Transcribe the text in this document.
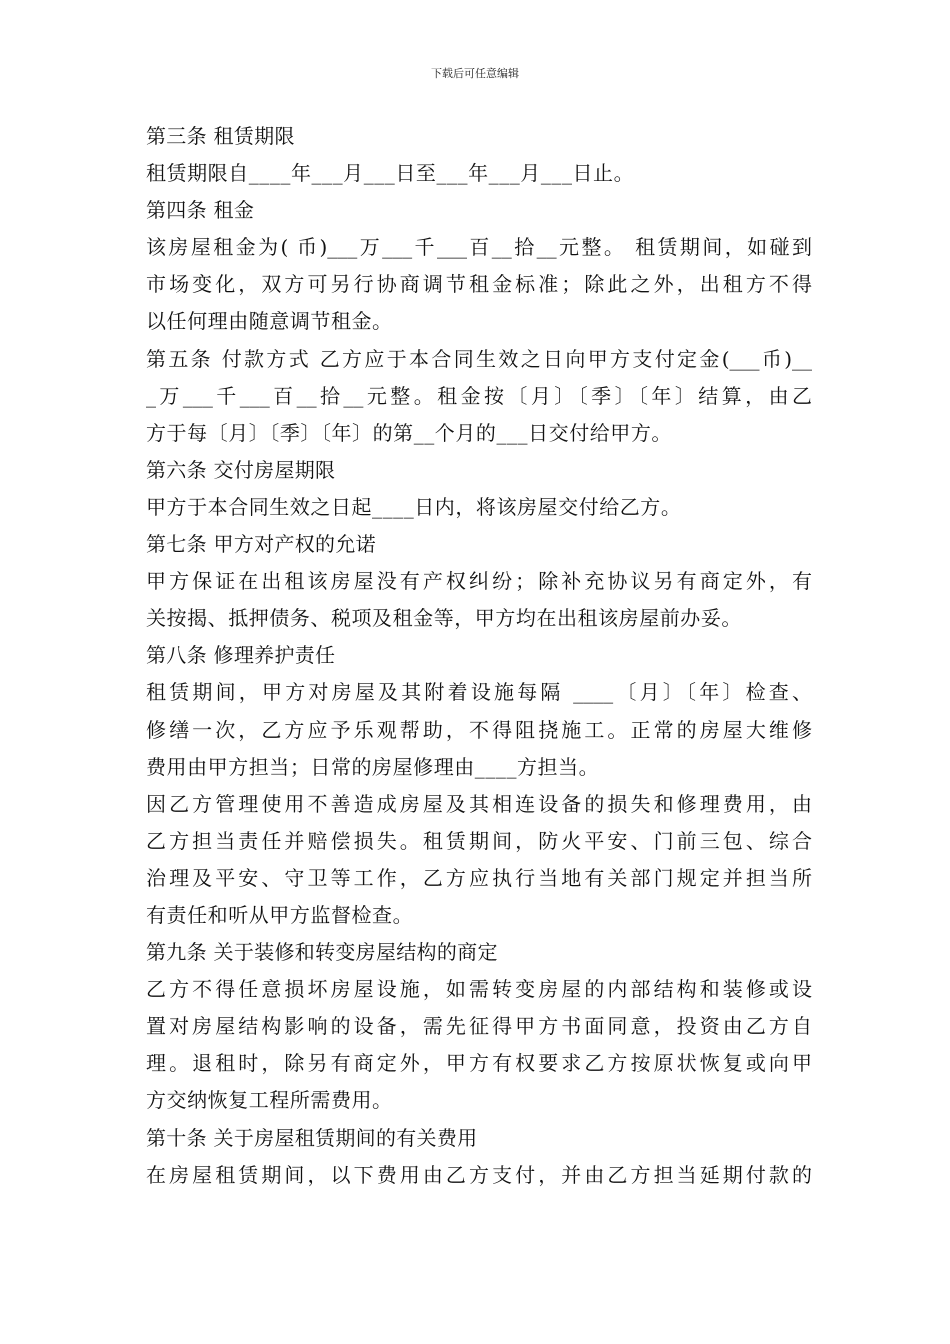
下载后可任意编辑
第三条 租赁期限
租赁期限自____年___月___日至___年___月___日止。
第四条 租金
该房屋租金为( 币)___万___千___百__拾__元整。 租赁期间，如碰到
市场变化，双方可另行协商调节租金标准；除此之外，出租方不得
以任何理由随意调节租金。
第五条 付款方式 乙方应于本合同生效之日向甲方支付定金(___币)__
_万___千___百__拾__元整。租金按〔月〕〔季〕〔年〕结算，由乙
方于每〔月〕〔季〕〔年〕的第__个月的___日交付给甲方。
第六条 交付房屋期限
甲方于本合同生效之日起____日内，将该房屋交付给乙方。
第七条 甲方对产权的允诺
甲方保证在出租该房屋没有产权纠纷；除补充协议另有商定外，有
关按揭、抵押债务、税项及租金等，甲方均在出租该房屋前办妥。
第八条 修理养护责任
租赁期间，甲方对房屋及其附着设施每隔 ____〔月〕〔年〕检查、
修缮一次，乙方应予乐观帮助，不得阻挠施工。正常的房屋大维修
费用由甲方担当；日常的房屋修理由____方担当。
因乙方管理使用不善造成房屋及其相连设备的损失和修理费用，由
乙方担当责任并赔偿损失。租赁期间，防火平安、门前三包、综合
治理及平安、守卫等工作，乙方应执行当地有关部门规定并担当所
有责任和听从甲方监督检查。
第九条 关于装修和转变房屋结构的商定
乙方不得任意损坏房屋设施，如需转变房屋的内部结构和装修或设
置对房屋结构影响的设备，需先征得甲方书面同意，投资由乙方自
理。退租时，除另有商定外，甲方有权要求乙方按原状恢复或向甲
方交纳恢复工程所需费用。
第十条 关于房屋租赁期间的有关费用
在房屋租赁期间，以下费用由乙方支付，并由乙方担当延期付款的
